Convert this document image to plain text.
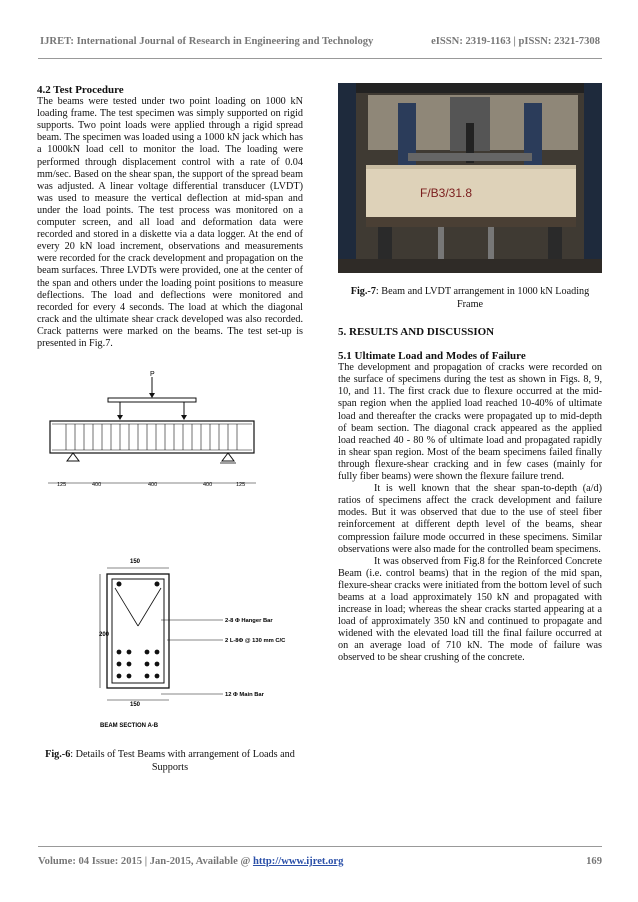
IJRET: International Journal of Research in Engineering and Technology	eISSN: 2319-1163 | pISSN: 2321-7308
4.2 Test Procedure

The beams were tested under two point loading on 1000 kN loading frame. The test specimen was simply supported on rigid supports. Two point loads were applied through a rigid spread beam. The specimen was loaded using a 1000 kN jack which has a 1000kN load cell to monitor the load. The loading were performed through displacement control with a rate of 0.04 mm/sec. Based on the shear span, the support of the spread beam was adjusted. A linear voltage differential transducer (LVDT) was used to measure the vertical deflection at mid-span and under the load points. The test process was monitored on a computer screen, and all load and deformation data were recorded and stored in a diskette via a data logger. At the end of every 20 kN load increment, observations and measurements were recorded for the crack development and propagation on the beam surfaces. Three LVDTs were provided, one at the center of the span and others under the loading point positions to measure deflections. The load and deflections were monitored and recorded for every 4 seconds. The load at which the diagonal crack and the ultimate shear crack developed was also recorded. Crack patterns were marked on the beams. The test set-up is presented in Fig.7.

P
125	400	400	400	125
150
200
2-8 Φ Hanger Bar
2 L-8Φ @ 130 mm C/C
12 Φ Main Bar
150
BEAM SECTION A-B
Fig.-6: Details of Test Beams with arrangement of Loads and Supports
F/B3/31.8
Fig.-7: Beam and LVDT arrangement in 1000 kN Loading Frame
5. RESULTS AND DISCUSSION
5.1 Ultimate Load and Modes of Failure

The development and propagation of cracks were recorded on the surface of specimens during the test as shown in Figs. 8, 9, 10, and 11. The first crack due to flexure occurred at the mid-span region when the applied load reached 10-40% of ultimate load and thereafter the cracks were propagated up to mid-depth of beam section. The diagonal crack appeared as the applied load reached 40 - 80 % of ultimate load and propagated rapidly in shear span region. Most of the beam specimens failed finally through flexure-shear cracking and in few cases (mainly for fully fiber beams) were shown the flexure failure trend.

It is well known that the shear span-to-depth (a/d) ratios of specimens affect the crack development and failure modes. But it was observed that due to the use of steel fiber reinforcement at different depth level of the beams, shear compression failure mode occurred in these specimens. Similar observations were also made for the controlled beam specimens.

It was observed from Fig.8 for the Reinforced Concrete Beam (i.e. control beams) that in the region of the mid span, flexure-shear cracks were initiated from the bottom level of such beams at a load approximately 150 kN and propagated with increase in load; whereas the shear cracks started appearing at a load of approximately 350 kN and continued to propagate and widened with the elevated load till the final failure occurred at on an average load of 710 kN. The mode of failure was observed to be shear crushing of the concrete.

Volume: 04 Issue: 2015 | Jan-2015, Available @ http://www.ijret.org	169
